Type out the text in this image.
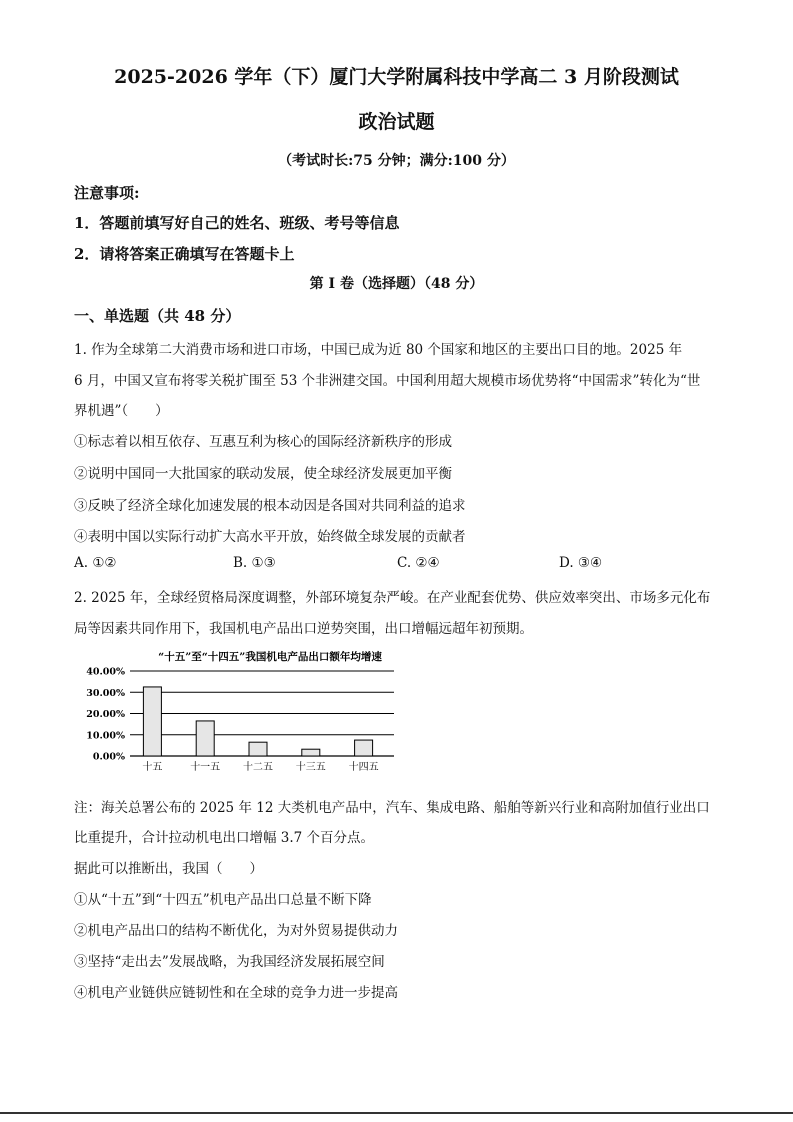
2025-2026 学年（下）厦门大学附属科技中学高二 3 月阶段测试
政治试题
（考试时长:75 分钟；满分:100 分）
注意事项:
1．答题前填写好自己的姓名、班级、考号等信息
2．请将答案正确填写在答题卡上
第 I 卷（选择题）（48 分）
一、单选题（共 48 分）
1. 作为全球第二大消费市场和进口市场，中国已成为近 80 个国家和地区的主要出口目的地。2025 年
6 月，中国又宣布将零关税扩围至 53 个非洲建交国。中国利用超大规模市场优势将“中国需求”转化为“世
界机遇”（　　）
①标志着以相互依存、互惠互利为核心的国际经济新秩序的形成
②说明中国同一大批国家的联动发展，使全球经济发展更加平衡
③反映了经济全球化加速发展的根本动因是各国对共同利益的追求
④表明中国以实际行动扩大高水平开放，始终做全球发展的贡献者
A. ①②	B. ①③	C. ②④	D. ③④
2. 2025 年，全球经贸格局深度调整，外部环境复杂严峻。在产业配套优势、供应效率突出、市场多元化布
局等因素共同作用下，我国机电产品出口逆势突围，出口增幅远超年初预期。
“十五”至“十四五”我国机电产品出口额年均增速
十五	十一五 十二五 十三五 十四五
0.00%
10.00%
20.00%
30.00%
40.00%
注：海关总署公布的 2025 年 12 大类机电产品中，汽车、集成电路、船舶等新兴行业和高附加值行业出口
比重提升，合计拉动机电出口增幅 3.7 个百分点。
据此可以推断出，我国（　　）
①从“十五”到“十四五”机电产品出口总量不断下降
②机电产品出口的结构不断优化，为对外贸易提供动力
③坚持“走出去”发展战略，为我国经济发展拓展空间
④机电产业链供应链韧性和在全球的竞争力进一步提高
